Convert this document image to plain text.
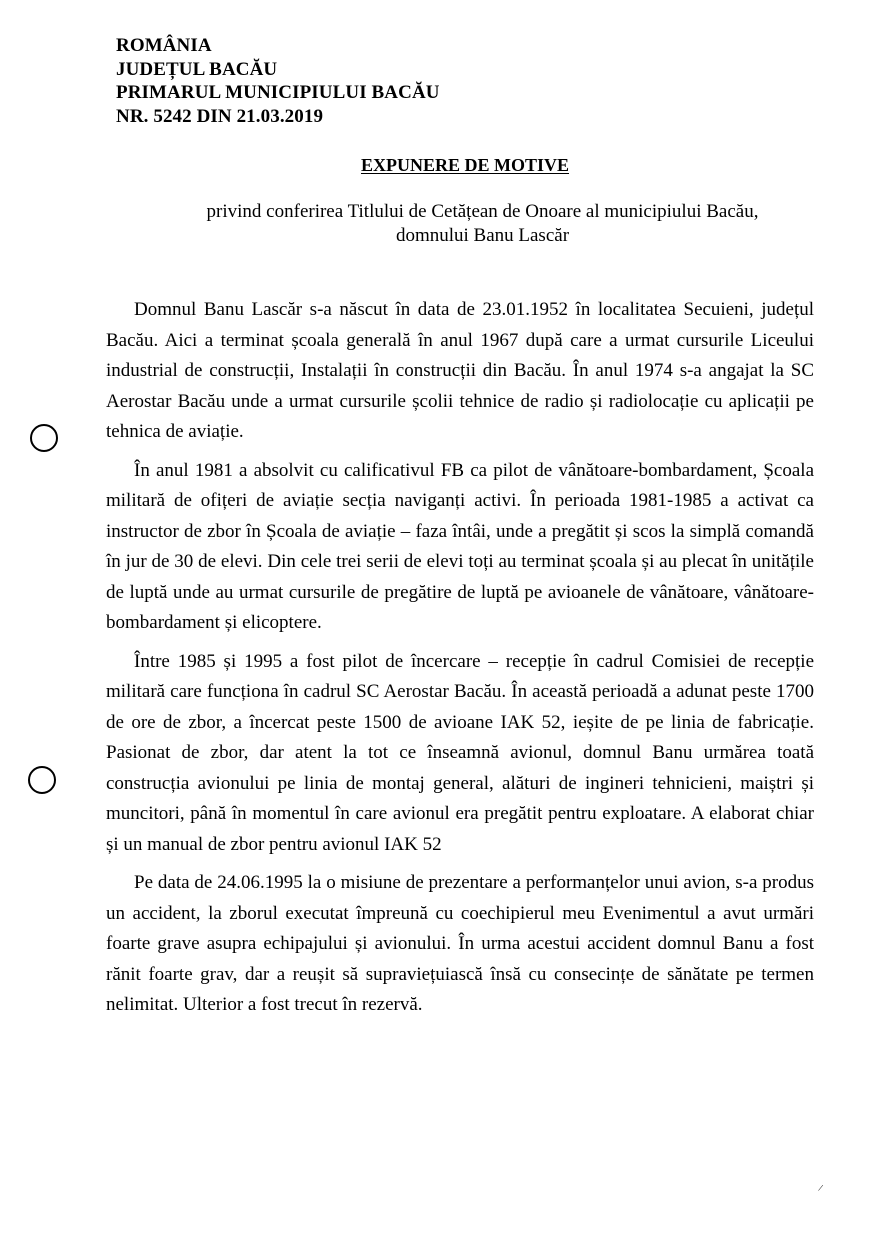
ROMÂNIA
JUDEȚUL BACĂU
PRIMARUL MUNICIPIULUI BACĂU
NR. 5242 DIN 21.03.2019
EXPUNERE DE MOTIVE
privind conferirea Titlului de Cetățean de Onoare al municipiului Bacău,
domnului Banu Lascăr

Domnul Banu Lascăr s-a născut în data de 23.01.1952 în localitatea Secuieni, județul Bacău. Aici a terminat școala generală în anul 1967 după care a urmat cursurile Liceului industrial de construcții, Instalații în construcții din Bacău. În anul 1974 s-a angajat la SC Aerostar Bacău unde a urmat cursurile școlii tehnice de radio și radiolocație cu aplicații pe tehnica de aviație.

În anul 1981 a absolvit cu calificativul FB ca pilot de vânătoare-bombardament, Școala militară de ofițeri de aviație secția naviganți activi. În perioada 1981-1985 a activat ca instructor de zbor în Școala de aviație – faza întâi, unde a pregătit și scos la simplă comandă în jur de 30 de elevi. Din cele trei serii de elevi toți au terminat școala și au plecat în unitățile de luptă unde au urmat cursurile de pregătire de luptă pe avioanele de vânătoare, vânătoare-bombardament și elicoptere.

Între 1985 și 1995 a fost pilot de încercare – recepție în cadrul Comisiei de recepție militară care funcționa în cadrul SC Aerostar Bacău. În această perioadă a adunat peste 1700 de ore de zbor, a încercat peste 1500 de avioane IAK 52, ieșite de pe linia de fabricație. Pasionat de zbor, dar atent la tot ce înseamnă avionul, domnul Banu urmărea toată construcția avionului pe linia de montaj general, alături de ingineri tehnicieni, maiștri și muncitori, până în momentul în care avionul era pregătit pentru exploatare. A elaborat chiar și un manual de zbor pentru avionul IAK 52

Pe data de 24.06.1995 la o misiune de prezentare a performanțelor unui avion, s-a produs un accident, la zborul executat împreună cu coechipierul meu Evenimentul a avut urmări foarte grave asupra echipajului și avionului. În urma acestui accident domnul Banu a fost rănit foarte grav, dar a reușit să supraviețuiască însă cu consecințe de sănătate pe termen nelimitat. Ulterior a fost trecut în rezervă.

/
